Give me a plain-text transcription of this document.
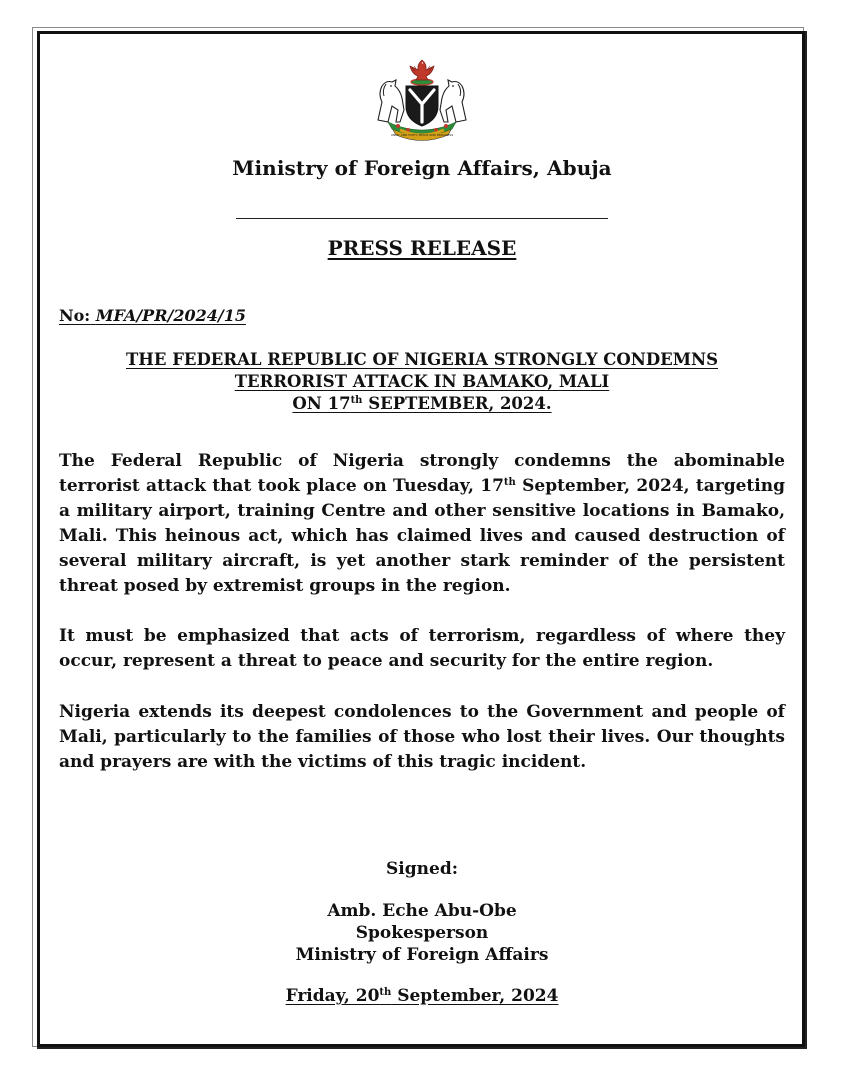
UNITY AND FAITH, PEACE AND PROGRESS
Ministry of Foreign Affairs, Abuja
PRESS RELEASE
No: MFA/PR/2024/15
THE FEDERAL REPUBLIC OF NIGERIA STRONGLY CONDEMNS
TERRORIST ATTACK IN BAMAKO, MALI
ON 17th SEPTEMBER, 2024.
The Federal Republic of Nigeria strongly condemns the abominable terrorist attack that took place on Tuesday, 17th September, 2024, targeting a military airport, training Centre and other sensitive locations in Bamako, Mali. This heinous act, which has claimed lives and caused destruction of several military aircraft, is yet another stark reminder of the persistent threat posed by extremist groups in the region.
It must be emphasized that acts of terrorism, regardless of where they occur, represent a threat to peace and security for the entire region.
Nigeria extends its deepest condolences to the Government and people of Mali, particularly to the families of those who lost their lives. Our thoughts and prayers are with the victims of this tragic incident.
Signed:
Amb. Eche Abu-Obe
Spokesperson
Ministry of Foreign Affairs
Friday, 20th September, 2024
